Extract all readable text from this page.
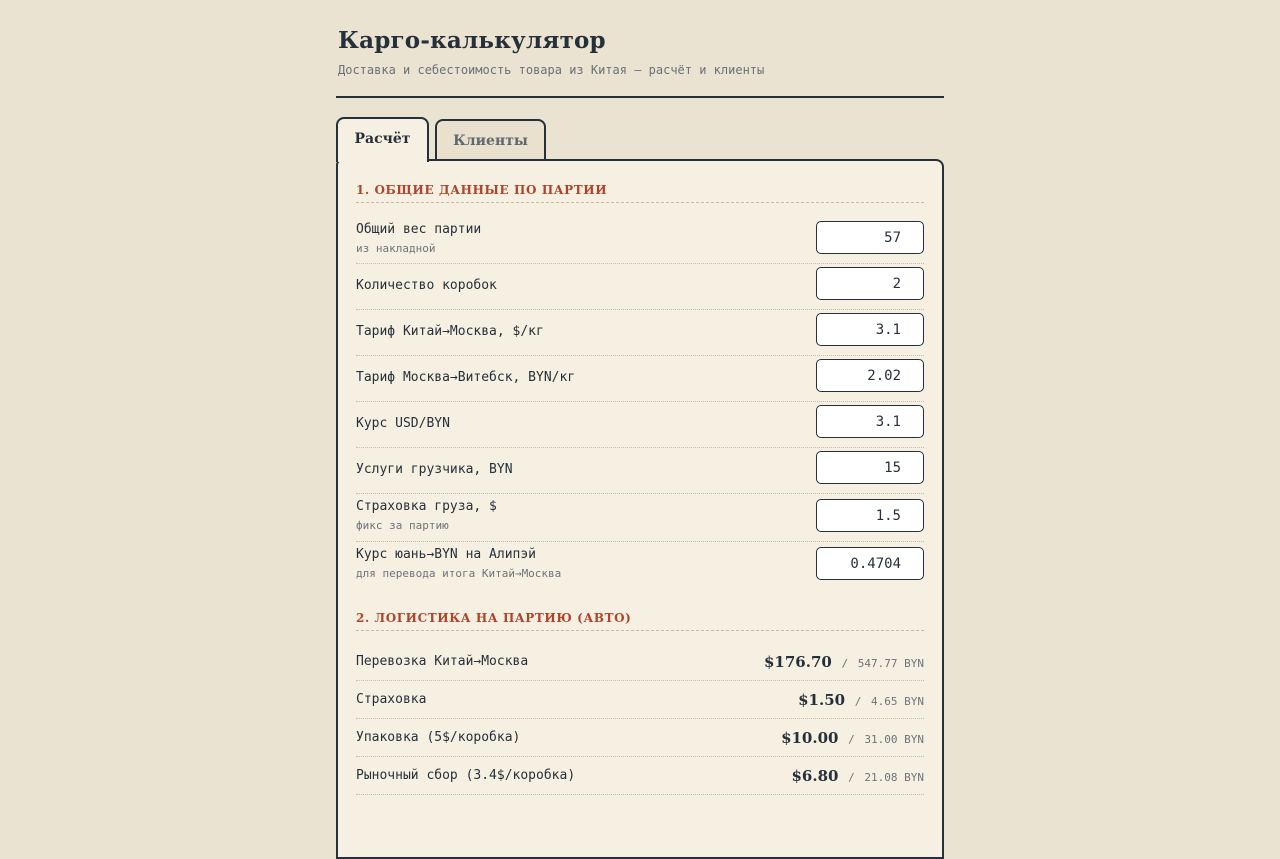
Карго-калькулятор
Доставка и себестоимость товара из Китая — расчёт и клиенты
Расчёт	Клиенты
1. ОБЩИЕ ДАННЫЕ ПО ПАРТИИ
Общий вес партии
из накладной
57
Количество коробок
2
Тариф Китай→Москва, $/кг
3.1
Тариф Москва→Витебск, BYN/кг
2.02
Курс USD/BYN
3.1
Услуги грузчика, BYN
15
Страховка груза, $
фикс за партию
1.5
Курс юань→BYN на Алипэй
для перевода итога Китай→Москва
0.4704
2. ЛОГИСТИКА НА ПАРТИЮ (АВТО)
Перевозка Китай→Москва	$176.70 / 547.77 BYN
Страховка	$1.50 / 4.65 BYN
Упаковка (5$/коробка)	$10.00 / 31.00 BYN
Рыночный сбор (3.4$/коробка)	$6.80 / 21.08 BYN
